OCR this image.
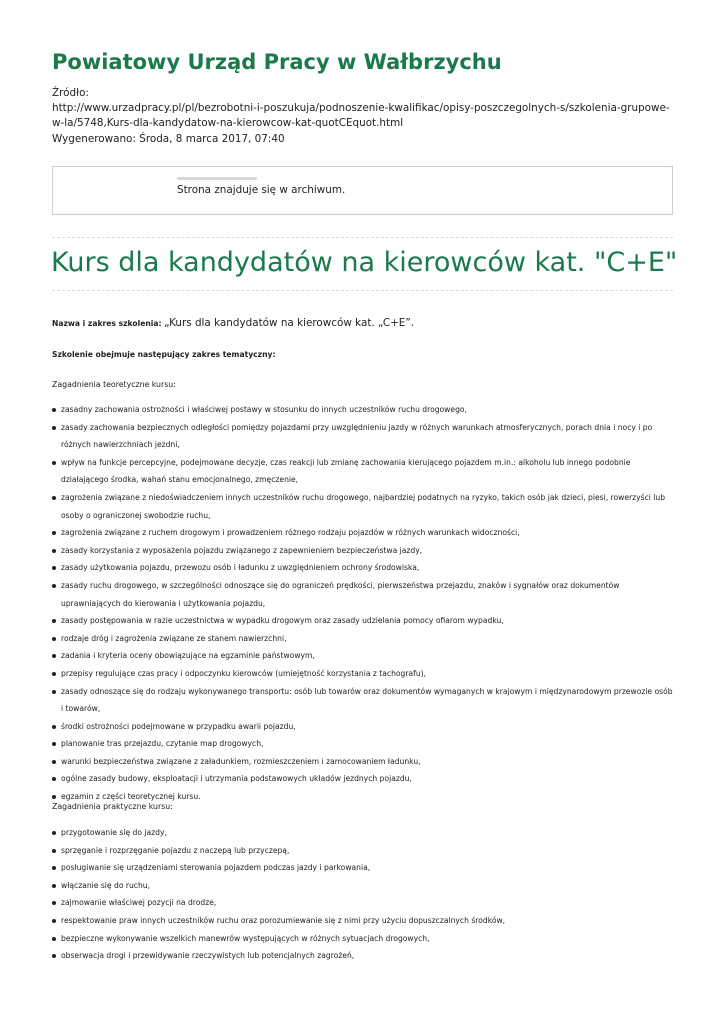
Powiatowy Urząd Pracy w Wałbrzychu
Źródło:
http://www.urzadpracy.pl/pl/bezrobotni-i-poszukuja/podnoszenie-kwalifikac/opisy-poszczegolnych-s/szkolenia-grupowe-w-la/5748,Kurs-dla-kandydatow-na-kierowcow-kat-quotCEquot.html
Wygenerowano: Środa, 8 marca 2017, 07:40
Strona znajduje się w archiwum.
Kurs dla kandydatów na kierowców kat. "C+E"
Nazwa i zakres szkolenia: „Kurs dla kandydatów na kierowców kat. „C+E”.
Szkolenie obejmuje następujący zakres tematyczny:
Zagadnienia teoretyczne kursu:
zasadny zachowania ostrożności i właściwej postawy w stosunku do innych uczestników ruchu drogowego,
zasady zachowania bezpiecznych odległości pomiędzy pojazdami przy uwzględnieniu jazdy w różnych warunkach atmosferycznych, porach dnia i nocy i po różnych nawierzchniach jezdni,
wpływ na funkcje percepcyjne, podejmowane decyzje, czas reakcji lub zmianę zachowania kierującego pojazdem m.in.: alkoholu lub innego podobnie działającego środka, wahań stanu emocjonalnego, zmęczenie,
zagrożenia związane z niedoświadczeniem innych uczestników ruchu drogowego, najbardziej podatnych na ryzyko, takich osób jak dzieci, piesi, rowerzyści lub osoby o ograniczonej swobodzie ruchu,
zagrożenia związane z ruchem drogowym i prowadzeniem różnego rodzaju pojazdów w różnych warunkach widoczności,
zasady korzystania z wyposażenia pojazdu związanego z zapewnieniem bezpieczeństwa jazdy,
zasady użytkowania pojazdu, przewozu osób i ładunku z uwzględnieniem ochrony środowiska,
zasady ruchu drogowego, w szczególności odnoszące się do ograniczeń prędkości, pierwszeństwa przejazdu, znaków i sygnałów oraz dokumentów uprawniających do kierowania i użytkowania pojazdu,
zasady postępowania w razie uczestnictwa w wypadku drogowym oraz zasady udzielania pomocy ofiarom wypadku,
rodzaje dróg i zagrożenia związane ze stanem nawierzchni,
zadania i kryteria oceny obowiązujące na egzaminie państwowym,
przepisy regulujące czas pracy i odpoczynku kierowców (umiejętność korzystania z tachografu),
zasady odnoszące się do rodzaju wykonywanego transportu: osób lub towarów oraz dokumentów wymaganych w krajowym i międzynarodowym przewozie osób i towarów,
środki ostrożności podejmowane w przypadku awarii pojazdu,
planowanie tras przejazdu, czytanie map drogowych,
warunki bezpieczeństwa związane z załadunkiem, rozmieszczeniem i zamocowaniem ładunku,
ogólne zasady budowy, eksploatacji i utrzymania podstawowych układów jezdnych pojazdu,
egzamin z części teoretycznej kursu.
Zagadnienia praktyczne kursu:
przygotowanie się do jazdy,
sprzęganie i rozprzęganie pojazdu z naczepą lub przyczepą,
posługiwanie się urządzeniami sterowania pojazdem podczas jazdy i parkowania,
włączanie się do ruchu,
zajmowanie właściwej pozycji na drodze,
respektowanie praw innych uczestników ruchu oraz porozumiewanie się z nimi przy użyciu dopuszczalnych środków,
bezpieczne wykonywanie wszelkich manewrów występujących w różnych sytuacjach drogowych,
obserwacja drogi i przewidywanie rzeczywistych lub potencjalnych zagrożeń,
